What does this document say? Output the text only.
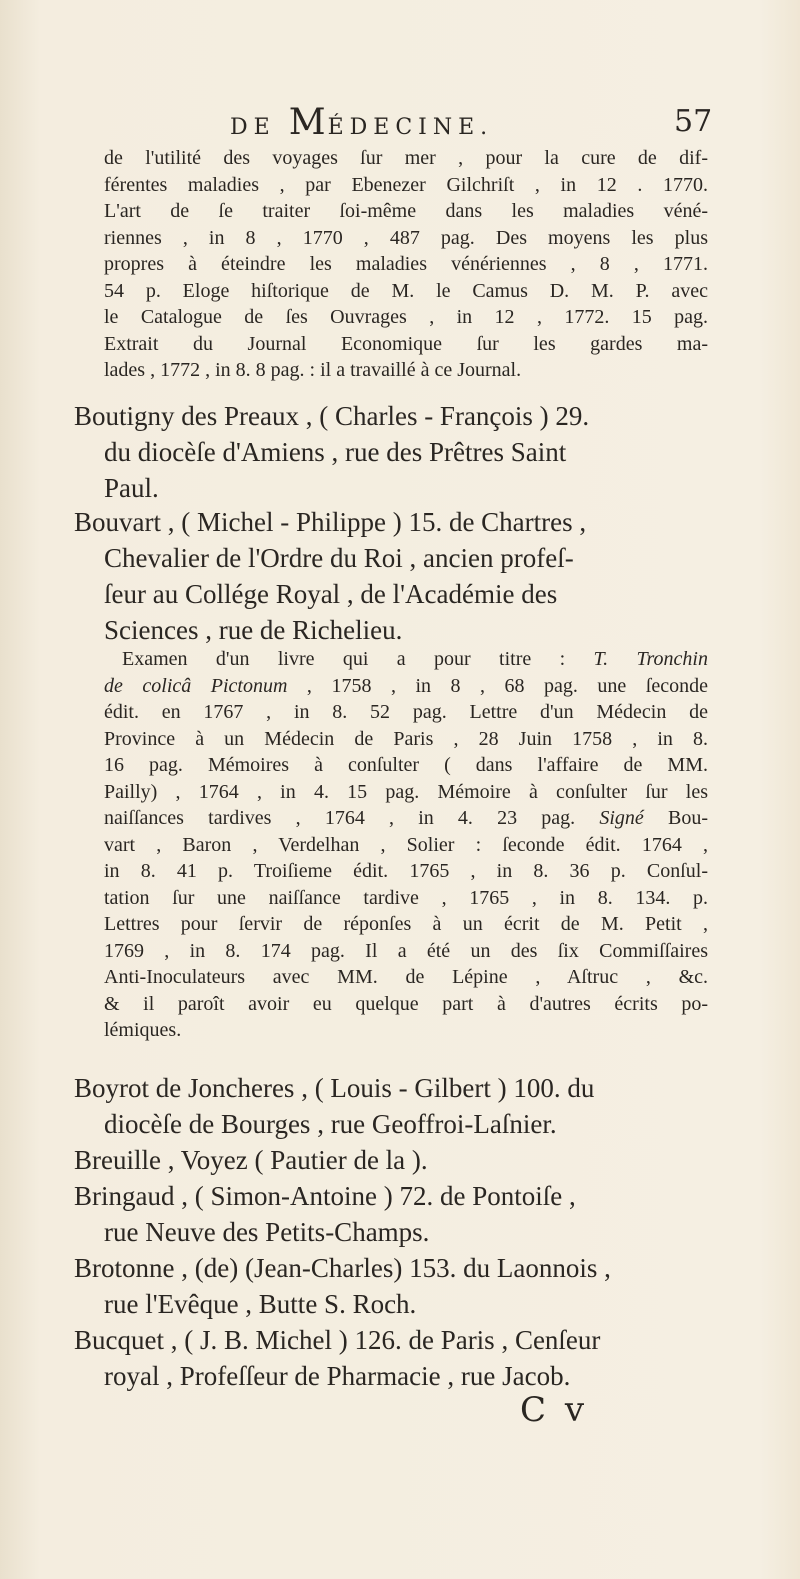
DE MÉDECINE.	57
de l'utilité des voyages ſur mer , pour la cure de dif-
férentes maladies , par Ebenezer Gilchriſt , in 12 . 1770.
L'art de ſe traiter ſoi-même dans les maladies véné-
riennes , in 8 , 1770 , 487 pag. Des moyens les plus
propres à éteindre les maladies vénériennes , 8 , 1771.
54 p. Eloge hiſtorique de M. le Camus D. M. P. avec
le Catalogue de ſes Ouvrages , in 12 , 1772. 15 pag.
Extrait du Journal Economique ſur les gardes ma-
lades , 1772 , in 8. 8 pag. : il a travaillé à ce Journal.
Boutigny des Preaux , ( Charles - François ) 29.
du diocèſe d'Amiens , rue des Prêtres Saint
Paul.
Bouvart , ( Michel - Philippe ) 15. de Chartres ,
Chevalier de l'Ordre du Roi , ancien profeſ-
ſeur au Collége Royal , de l'Académie des
Sciences , rue de Richelieu.
Examen d'un livre qui a pour titre : T. Tronchin
de colicâ Pictonum , 1758 , in 8 , 68 pag. une ſeconde
édit. en 1767 , in 8. 52 pag. Lettre d'un Médecin de
Province à un Médecin de Paris , 28 Juin 1758 , in 8.
16 pag. Mémoires à conſulter ( dans l'affaire de MM.
Pailly) , 1764 , in 4. 15 pag. Mémoire à conſulter ſur les
naiſſances tardives , 1764 , in 4. 23 pag. Signé Bou-
vart , Baron , Verdelhan , Solier : ſeconde édit. 1764 ,
in 8. 41 p. Troiſieme édit. 1765 , in 8. 36 p. Conſul-
tation ſur une naiſſance tardive , 1765 , in 8. 134. p.
Lettres pour ſervir de réponſes à un écrit de M. Petit ,
1769 , in 8. 174 pag. Il a été un des ſix Commiſſaires
Anti-Inoculateurs avec MM. de Lépine , Aſtruc , &c.
& il paroît avoir eu quelque part à d'autres écrits po-
lémiques.
Boyrot de Joncheres , ( Louis - Gilbert ) 100. du
diocèſe de Bourges , rue Geoffroi-Laſnier.
Breuille , Voyez ( Pautier de la ).
Bringaud , ( Simon-Antoine ) 72. de Pontoiſe ,
rue Neuve des Petits-Champs.
Brotonne , (de) (Jean-Charles) 153. du Laonnois ,
rue l'Evêque , Butte S. Roch.
Bucquet , ( J. B. Michel ) 126. de Paris , Cenſeur
royal , Profeſſeur de Pharmacie , rue Jacob.
C v
